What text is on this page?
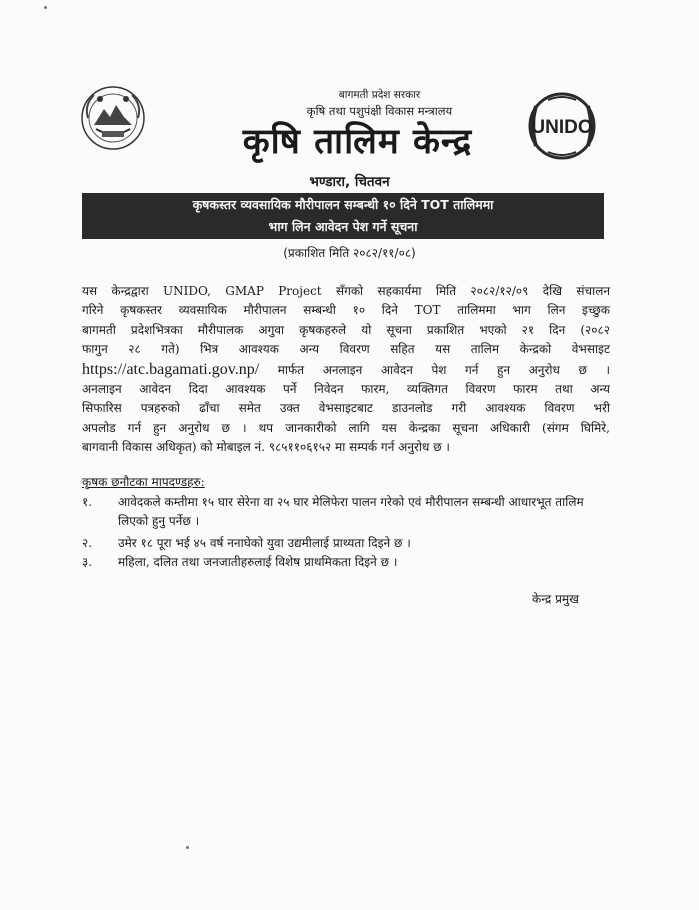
UNIDO
बागमती प्रदेश सरकार
कृषि तथा पशुपंक्षी विकास मन्त्रालय
कृषि तालिम केन्द्र
भण्डारा, चितवन
कृषकस्तर व्यवसायिक मौरीपालन सम्बन्धी १० दिने TOT तालिममा
भाग लिन आवेदन पेश गर्ने सूचना
(प्रकाशित मिति २०८२/११/०८)
यस केन्द्रद्वारा UNIDO, GMAP Project सँगको सहकार्यमा मिति २०८२/१२/०९ देखि संचालन
गरिने कृषकस्तर व्यवसायिक मौरीपालन सम्बन्धी १० दिने TOT तालिममा भाग लिन इच्छुक
बागमती प्रदेशभित्रका मौरीपालक अगुवा कृषकहरुले यो सूचना प्रकाशित भएको २१ दिन (२०८२
फागुन २८ गते) भित्र आवश्यक अन्य विवरण सहित यस तालिम केन्द्रको वेभसाइट
https://atc.bagamati.gov.np/ मार्फत अनलाइन आवेदन पेश गर्न हुन अनुरोध छ ।
अनलाइन आवेदन दिदा आवश्यक पर्ने निवेदन फारम, व्यक्तिगत विवरण फारम तथा अन्य
सिफारिस पत्रहरुको ढाँचा समेत उक्त वेभसाइटबाट डाउनलोड गरी आवश्यक विवरण भरी
अपलोड गर्न हुन अनुरोध छ । थप जानकारीको लागि यस केन्द्रका सूचना अधिकारी (संगम घिमिरे,
बागवानी विकास अधिकृत) को मोबाइल नं. ९८५११०६१५२ मा सम्पर्क गर्न अनुरोध छ ।
कृषक छनौटका मापदण्डहरु:
१. आवेदकले कम्तीमा १५ घार सेरेना वा २५ घार मेलिफेरा पालन गरेको एवं मौरीपालन सम्बन्धी आधारभूत तालिम लिएको हुनु पर्नेछ ।
२. उमेर १८ पूरा भई ४५ वर्ष ननाघेको युवा उद्यमीलाई प्राथ्यता दिइने छ ।
३. महिला, दलित तथा जनजातीहरुलाई विशेष प्राथमिकता दिइने छ ।
केन्द्र प्रमुख
